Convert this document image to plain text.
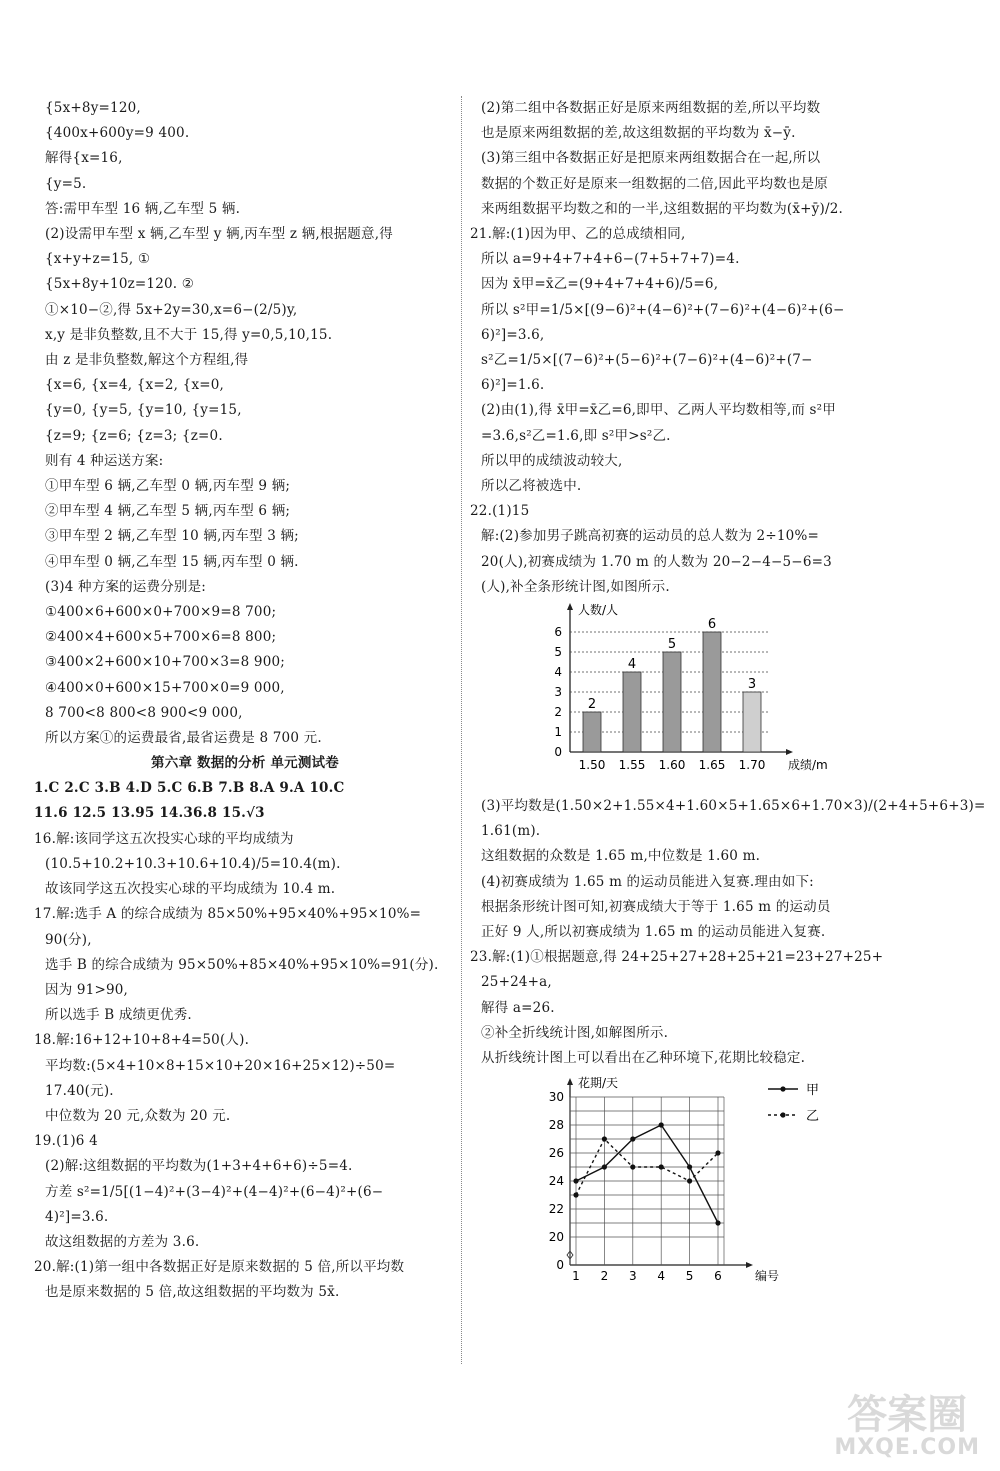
{5x+8y=120,
{400x+600y=9 400.
解得{x=16,
{y=5.
答:需甲车型 16 辆,乙车型 5 辆.
(2)设需甲车型 x 辆,乙车型 y 辆,丙车型 z 辆,根据题意,得
{x+y+z=15, ①
{5x+8y+10z=120. ②
①×10−②,得 5x+2y=30,x=6−(2/5)y,
x,y 是非负整数,且不大于 15,得 y=0,5,10,15.
由 z 是非负整数,解这个方程组,得
{x=6, {x=4, {x=2, {x=0,
{y=0, {y=5, {y=10, {y=15,
{z=9; {z=6; {z=3; {z=0.
则有 4 种运送方案:
①甲车型 6 辆,乙车型 0 辆,丙车型 9 辆;
②甲车型 4 辆,乙车型 5 辆,丙车型 6 辆;
③甲车型 2 辆,乙车型 10 辆,丙车型 3 辆;
④甲车型 0 辆,乙车型 15 辆,丙车型 0 辆.
(3)4 种方案的运费分别是:
①400×6+600×0+700×9=8 700;
②400×4+600×5+700×6=8 800;
③400×2+600×10+700×3=8 900;
④400×0+600×15+700×0=9 000,
8 700<8 800<8 900<9 000,
所以方案①的运费最省,最省运费是 8 700 元.
第六章 数据的分析 单元测试卷
1.C 2.C 3.B 4.D 5.C 6.B 7.B 8.A 9.A 10.C
11.6 12.5 13.95 14.36.8 15.√3
16.解:该同学这五次投实心球的平均成绩为
(10.5+10.2+10.3+10.6+10.4)/5=10.4(m).
故该同学这五次投实心球的平均成绩为 10.4 m.
17.解:选手 A 的综合成绩为 85×50%+95×40%+95×10%=
90(分),
选手 B 的综合成绩为 95×50%+85×40%+95×10%=91(分).
因为 91>90,
所以选手 B 成绩更优秀.
18.解:16+12+10+8+4=50(人).
平均数:(5×4+10×8+15×10+20×16+25×12)÷50=
17.40(元).
中位数为 20 元,众数为 20 元.
19.(1)6 4
(2)解:这组数据的平均数为(1+3+4+6+6)÷5=4.
方差 s²=1/5[(1−4)²+(3−4)²+(4−4)²+(6−4)²+(6−
4)²]=3.6.
故这组数据的方差为 3.6.
20.解:(1)第一组中各数据正好是原来数据的 5 倍,所以平均数
也是原来数据的 5 倍,故这组数据的平均数为 5x̄.
(2)第二组中各数据正好是原来两组数据的差,所以平均数
也是原来两组数据的差,故这组数据的平均数为 x̄−ȳ.
(3)第三组中各数据正好是把原来两组数据合在一起,所以
数据的个数正好是原来一组数据的二倍,因此平均数也是原
来两组数据平均数之和的一半,这组数据的平均数为(x̄+ȳ)/2.
21.解:(1)因为甲、乙的总成绩相同,
所以 a=9+4+7+4+6−(7+5+7+7)=4.
因为 x̄甲=x̄乙=(9+4+7+4+6)/5=6,
所以 s²甲=1/5×[(9−6)²+(4−6)²+(7−6)²+(4−6)²+(6−
6)²]=3.6,
s²乙=1/5×[(7−6)²+(5−6)²+(7−6)²+(4−6)²+(7−
6)²]=1.6.
(2)由(1),得 x̄甲=x̄乙=6,即甲、乙两人平均数相等,而 s²甲
=3.6,s²乙=1.6,即 s²甲>s²乙.
所以甲的成绩波动较大,
所以乙将被选中.
22.(1)15
解:(2)参加男子跳高初赛的运动员的总人数为 2÷10%=
20(人),初赛成绩为 1.70 m 的人数为 20−2−4−5−6=3
(人),补全条形统计图,如图所示.
0
1
2
3
4
5
6
人数/人
2
1.50
4
1.55
5
1.60
6
1.65
3
1.70 成绩/m
(3)平均数是(1.50×2+1.55×4+1.60×5+1.65×6+1.70×3)/(2+4+5+6+3)=
1.61(m).
这组数据的众数是 1.65 m,中位数是 1.60 m.
(4)初赛成绩为 1.65 m 的运动员能进入复赛.理由如下:
根据条形统计图可知,初赛成绩大于等于 1.65 m 的运动员
正好 9 人,所以初赛成绩为 1.65 m 的运动员能进入复赛.
23.解:(1)①根据题意,得 24+25+27+28+25+21=23+27+25+
25+24+a,
解得 a=26.
②补全折线统计图,如解图所示.
从折线统计图上可以看出在乙种环境下,花期比较稳定.
20
22
24
26
28
30
0
1 2 3 4 5 6
花期/天
编号
甲
乙
答案圈
MXQE.COM
